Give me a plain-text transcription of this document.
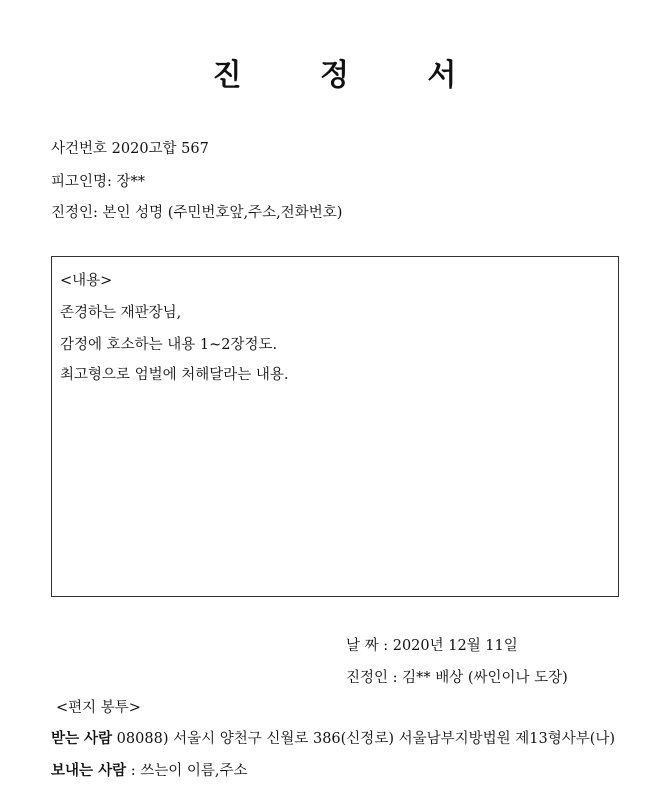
진 정 서
사건번호 2020고합 567
피고인명: 장**
진정인: 본인 성명 (주민번호앞,주소,전화번호)
<내용>
존경하는 재판장님,
감정에 호소하는 내용 1~2장정도.
최고형으로 엄벌에 처해달라는 내용.
날 짜 : 2020년 12월 11일
진정인 : 김** 배상 (싸인이나 도장)
<편지 봉투>
받는 사람 08088) 서울시 양천구 신월로 386(신정로) 서울남부지방법원 제13형사부(나)
보내는 사람 : 쓰는이 이름,주소
